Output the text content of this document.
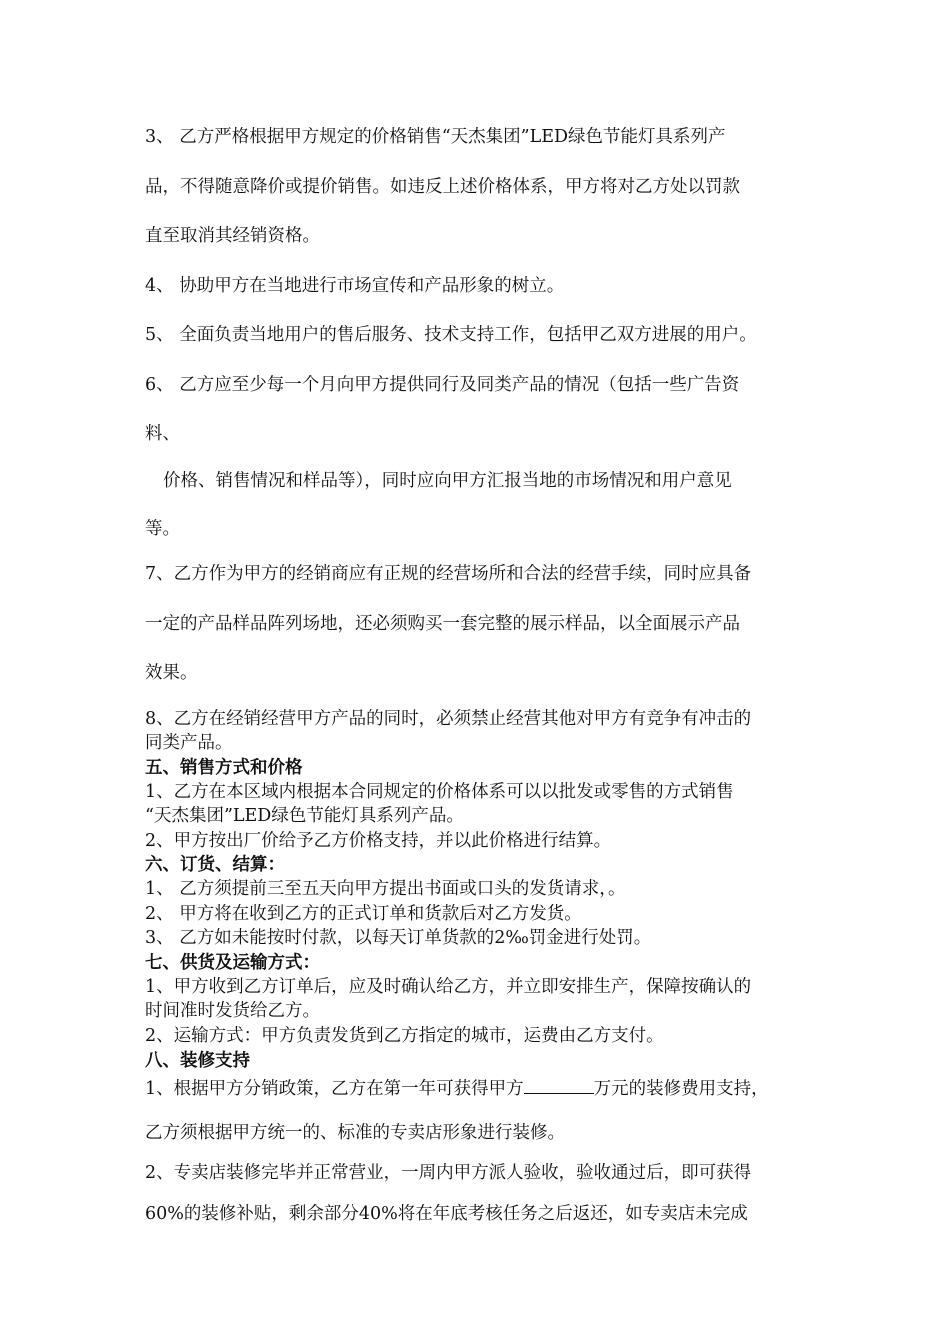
3、 乙方严格根据甲方规定的价格销售“天杰集团”LED绿色节能灯具系列产

品，不得随意降价或提价销售。如违反上述价格体系，甲方将对乙方处以罚款

直至取消其经销资格。

4、 协助甲方在当地进行市场宣传和产品形象的树立。

5、 全面负责当地用户的售后服务、技术支持工作，包括甲乙双方进展的用户。

6、 乙方应至少每一个月向甲方提供同行及同类产品的情况（包括一些广告资

料、

价格、销售情况和样品等），同时应向甲方汇报当地的市场情况和用户意见

等。

7、乙方作为甲方的经销商应有正规的经营场所和合法的经营手续，同时应具备

一定的产品样品阵列场地，还必须购买一套完整的展示样品，以全面展示产品

效果。

8、乙方在经销经营甲方产品的同时，必须禁止经营其他对甲方有竞争有冲击的

同类产品。

五、销售方式和价格

1、乙方在本区域内根据本合同规定的价格体系可以以批发或零售的方式销售

“天杰集团”LED绿色节能灯具系列产品。

2、甲方按出厂价给予乙方价格支持，并以此价格进行结算。

六、订货、结算：

1、 乙方须提前三至五天向甲方提出书面或口头的发货请求，。

2、 甲方将在收到乙方的正式订单和货款后对乙方发货。

3、 乙方如未能按时付款，以每天订单货款的2‰罚金进行处罚。

七、供货及运输方式：

1、甲方收到乙方订单后，应及时确认给乙方，并立即安排生产，保障按确认的

时间准时发货给乙方。

2、运输方式：甲方负责发货到乙方指定的城市，运费由乙方支付。

八、装修支持

1、根据甲方分销政策，乙方在第一年可获得甲方	万元的装修费用支持，

乙方须根据甲方统一的、标准的专卖店形象进行装修。

2、专卖店装修完毕并正常营业，一周内甲方派人验收，验收通过后，即可获得

60%的装修补贴，剩余部分40%将在年底考核任务之后返还，如专卖店未完成
